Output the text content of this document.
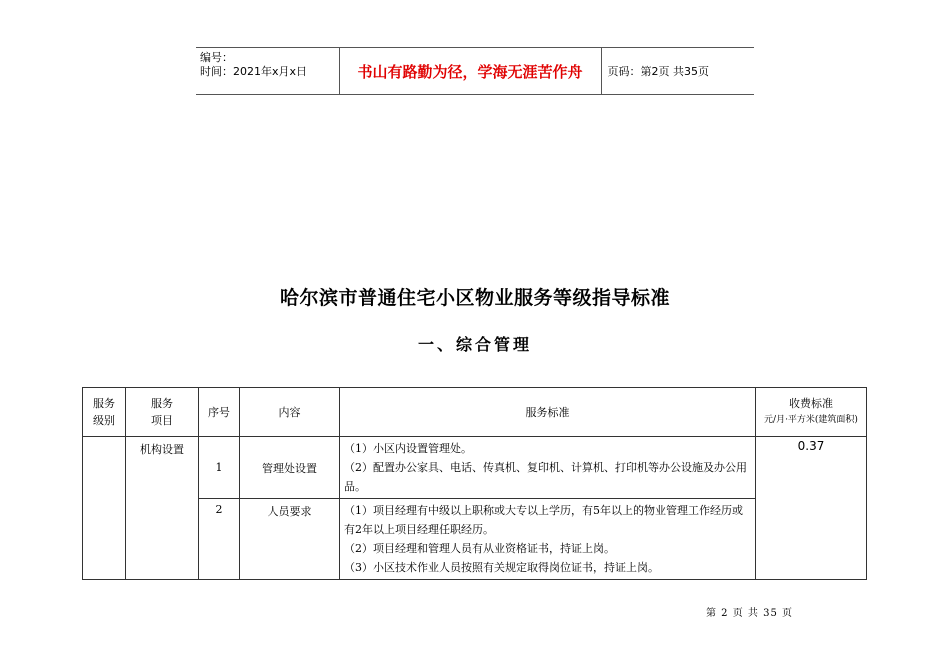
编号：
时间：2021年x月x日	书山有路勤为径，学海无涯苦作舟	页码：第2页 共35页
哈尔滨市普通住宅小区物业服务等级指导标准
一、综合管理
服务级别	服务项目	序号	内容	服务标准	收费标准
元/月·平方米(建筑面积)

	机构设置	1	管理处设置	（1）小区内设置管理处。
（2）配置办公家具、电话、传真机、复印机、计算机、打印机等办公设施及办公用品。	0.37

		2	人员要求	（1）项目经理有中级以上职称或大专以上学历，有5年以上的物业管理工作经历或有2年以上项目经理任职经历。
（2）项目经理和管理人员有从业资格证书，持证上岗。
（3）小区技术作业人员按照有关规定取得岗位证书，持证上岗。	
第 2 页 共 35 页
